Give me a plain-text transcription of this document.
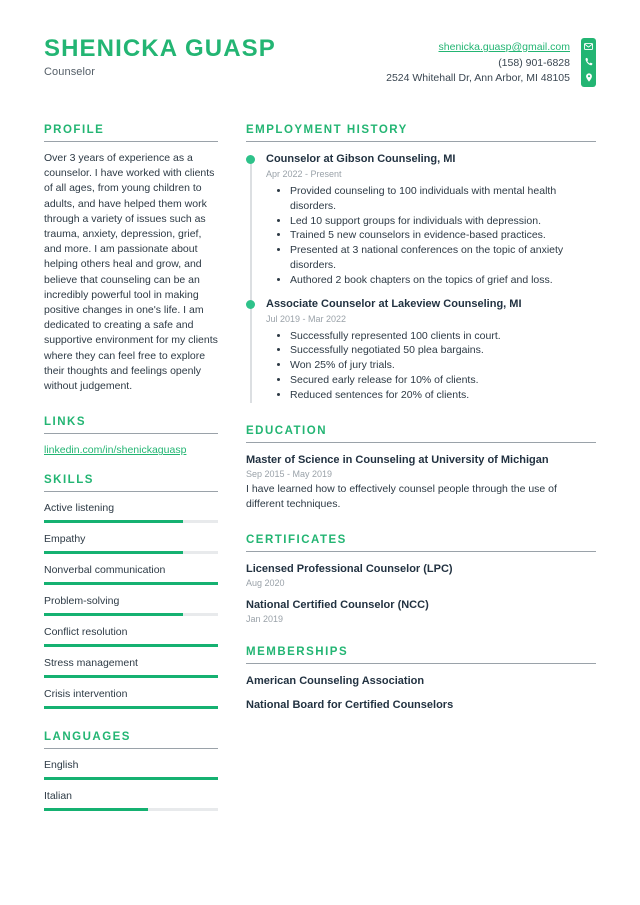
SHENICKA GUASP
Counselor
shenicka.guasp@gmail.com
(158) 901-6828
2524 Whitehall Dr, Ann Arbor, MI 48105
PROFILE
Over 3 years of experience as a counselor. I have worked with clients of all ages, from young children to adults, and have helped them work through a variety of issues such as trauma, anxiety, depression, grief, and more. I am passionate about helping others heal and grow, and believe that counseling can be an incredibly powerful tool in making positive changes in one's life. I am dedicated to creating a safe and supportive environment for my clients where they can feel free to explore their thoughts and feelings openly without judgement.
LINKS
linkedin.com/in/shenickaguasp
SKILLS
Active listening
Empathy
Nonverbal communication
Problem-solving
Conflict resolution
Stress management
Crisis intervention
LANGUAGES
English
Italian
EMPLOYMENT HISTORY
Counselor at Gibson Counseling, MI
Apr 2022 - Present
• Provided counseling to 100 individuals with mental health disorders.
• Led 10 support groups for individuals with depression.
• Trained 5 new counselors in evidence-based practices.
• Presented at 3 national conferences on the topic of anxiety disorders.
• Authored 2 book chapters on the topics of grief and loss.
Associate Counselor at Lakeview Counseling, MI
Jul 2019 - Mar 2022
• Successfully represented 100 clients in court.
• Successfully negotiated 50 plea bargains.
• Won 25% of jury trials.
• Secured early release for 10% of clients.
• Reduced sentences for 20% of clients.
EDUCATION
Master of Science in Counseling at University of Michigan
Sep 2015 - May 2019
I have learned how to effectively counsel people through the use of different techniques.
CERTIFICATES
Licensed Professional Counselor (LPC)
Aug 2020
National Certified Counselor (NCC)
Jan 2019
MEMBERSHIPS
American Counseling Association
National Board for Certified Counselors
